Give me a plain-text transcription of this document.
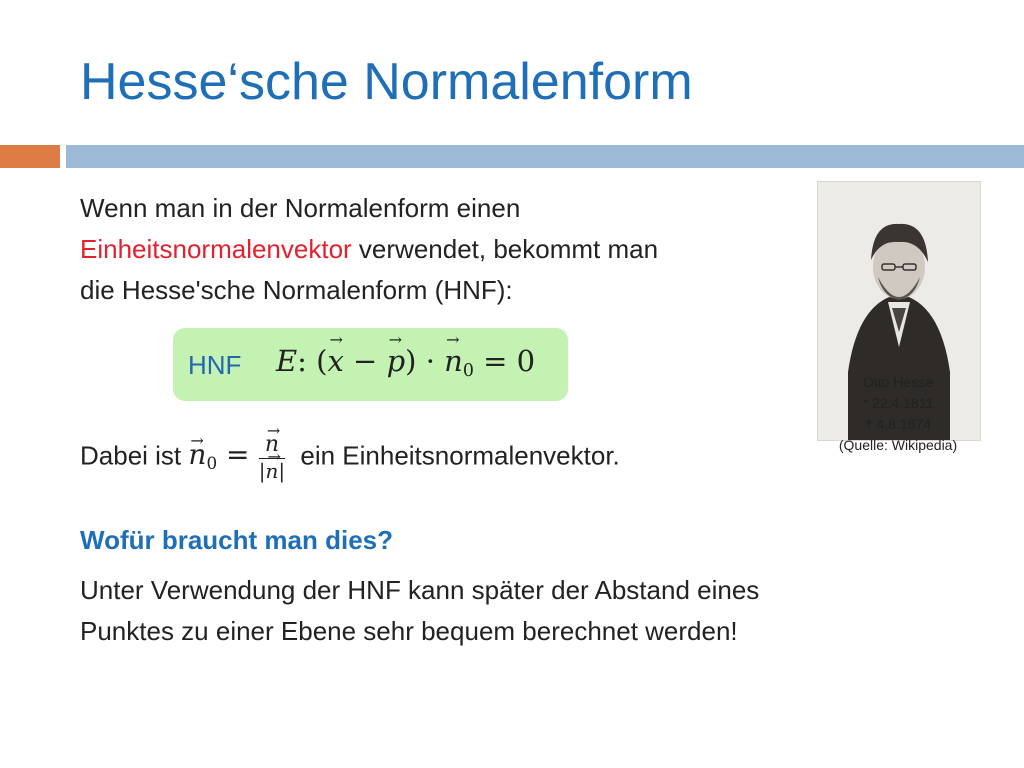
Hesse‘sche Normalenform
Wenn man in der Normalenform einen
Einheitsnormalenvektor verwendet, bekommt man
die Hesse'sche Normalenform (HNF):
HNF E: (→ x − → p) · → $n_0 = 0$
Dabei ist → $n_0$ = → $\frac{n}{|\to n|}$ ein Einheitsnormalenvektor.
Wofür braucht man dies?
Unter Verwendung der HNF kann später der Abstand eines
Punktes zu einer Ebene sehr bequem berechnet werden!
Otto Hesse
* 22.4.1811
† 4.8.1874
(Quelle: Wikipedia)
